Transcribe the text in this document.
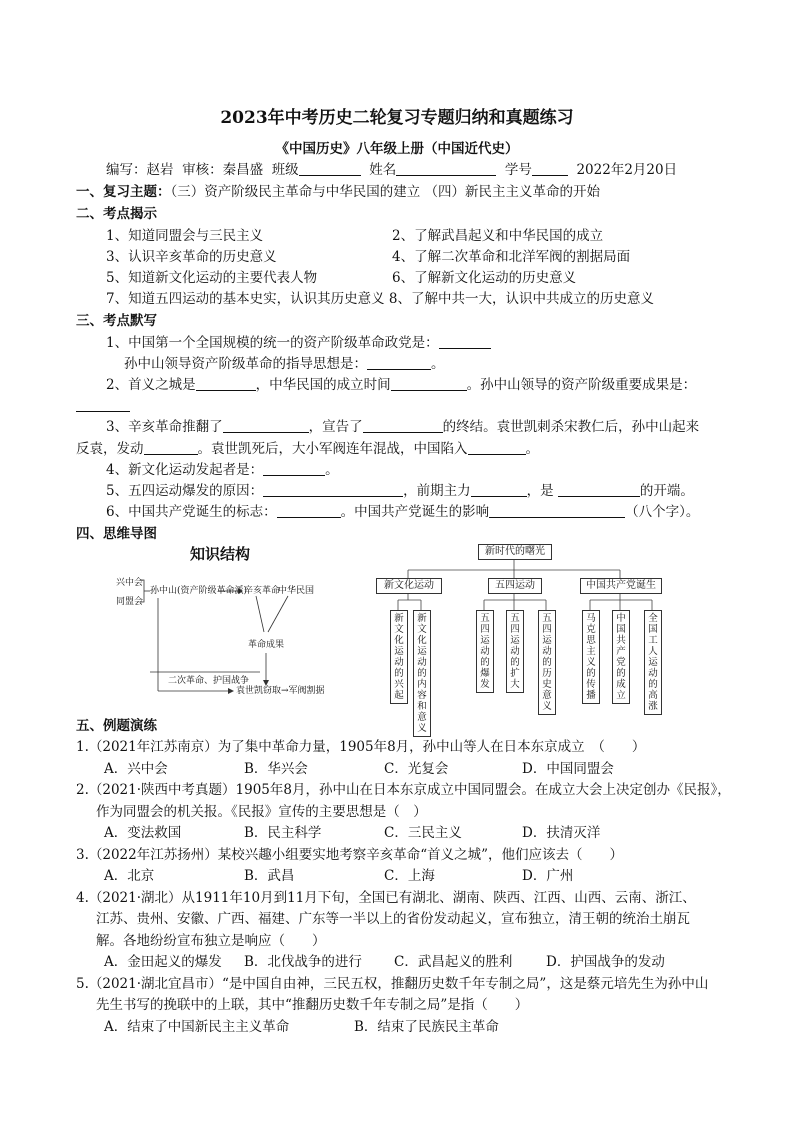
2023年中考历史二轮复习专题归纳和真题练习
《中国历史》八年级上册（中国近代史）
编写：赵岩 审核：秦昌盛 班级	姓名	学号	2022年2月20日
一、复习主题：（三）资产阶级民主革命与中华民国的建立 （四）新民主主义革命的开始
二、考点揭示
1、知道同盟会与三民主义	2、了解武昌起义和中华民国的成立
3、认识辛亥革命的历史意义	4、了解二次革命和北洋军阀的割据局面
5、知道新文化运动的主要代表人物	6、了解新文化运动的历史意义
7、知道五四运动的基本史实，认识其历史意义 8、了解中共一大，认识中共成立的历史意义
三、考点默写
1、中国第一个全国规模的统一的资产阶级革命政党是：
孙中山领导资产阶级革命的指导思想是：	。
2、首义之城是	，中华民国的成立时间	。孙中山领导的资产阶级重要成果是：
3、辛亥革命推翻了	，宣告了	的终结。袁世凯刺杀宋教仁后，孙中山起来
反袁，发动	。袁世凯死后，大小军阀连年混战，中国陷入	。
4、新文化运动发起者是：	。
5、五四运动爆发的原因：	，前期主力	，是	的开端。
6、中国共产党诞生的标志：	。中国共产党诞生的影响	（八个字）。
四、思维导图
知识结构
兴中会
同盟会
孙中山(资产阶级革命派)
辛亥革命
中华民国
革命成果
二次革命、护国战争
袁世凯窃取→军阀割据
新时代的曙光
新文化运动	五四运动	中国共产党诞生
新文化运动的兴起
新文化运动的内容和意义
五四运动的爆发
五四运动的扩大
五四运动的历史意义
马克思主义的传播
中国共产党的成立
全国工人运动的高涨
五、例题演练
1.（2021年江苏南京）为了集中革命力量，1905年8月，孙中山等人在日本东京成立　（　　）
A．兴中会	B．华兴会	C．光复会	D．中国同盟会
2.（2021·陕西中考真题）1905年8月，孙中山在日本东京成立中国同盟会。在成立大会上决定创办《民报》，
作为同盟会的机关报。《民报》宣传的主要思想是（　）
A．变法救国	B．民主科学	C．三民主义	D．扶清灭洋
3.（2022年江苏扬州）某校兴趣小组要实地考察辛亥革命“首义之城”，他们应该去（　　）
A．北京	B．武昌	C．上海	D．广州
4.（2021·湖北）从1911年10月到11月下旬，全国已有湖北、湖南、陕西、江西、山西、云南、浙江、
江苏、贵州、安徽、广西、福建、广东等一半以上的省份发动起义，宣布独立，清王朝的统治土崩瓦
解。各地纷纷宣布独立是响应（　　）
A．金田起义的爆发 B．北伐战争的进行 C．武昌起义的胜利 D．护国战争的发动
5.（2021·湖北宜昌市）“是中国自由神，三民五权，推翻历史数千年专制之局”，这是蔡元培先生为孙中山
先生书写的挽联中的上联，其中“推翻历史数千年专制之局”是指（　　）
A．结束了中国新民主主义革命	B．结束了民族民主革命
